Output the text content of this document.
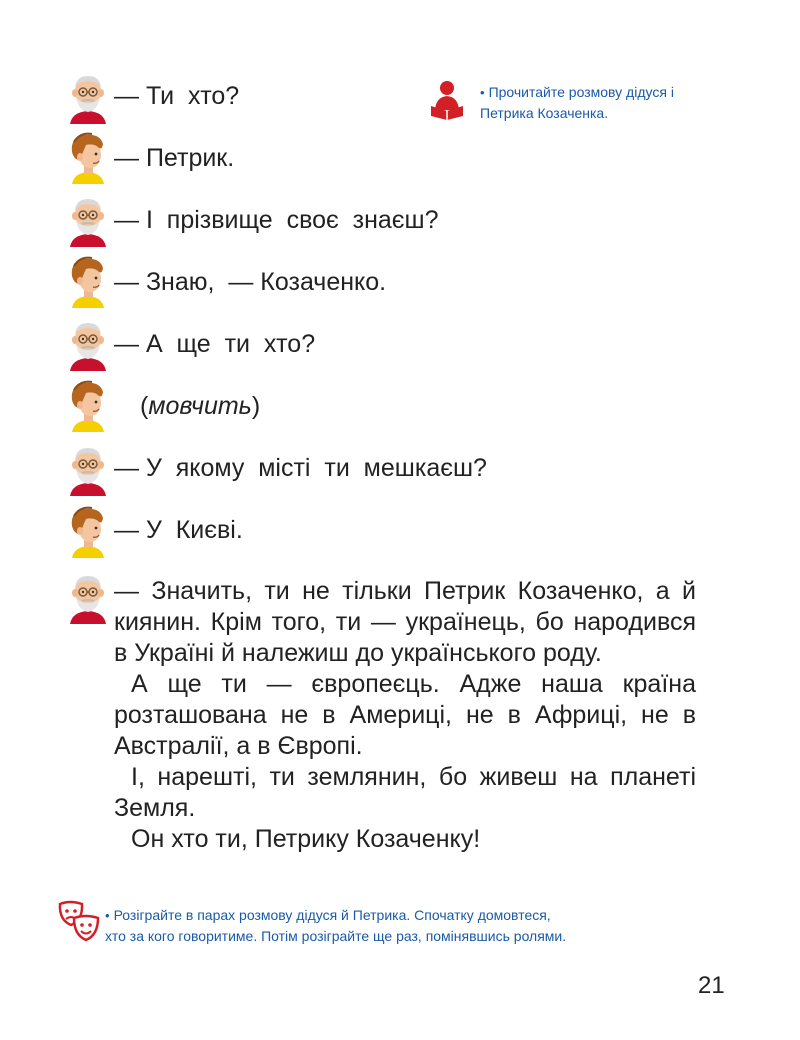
— Ти  хто?
— Петрик.
— І  прізвище  своє  знаєш?
— Знаю,  — Козаченко.
— А  ще  ти  хто?
(мовчить)
— У  якому  місті  ти  мешкаєш?
— У  Києві.

— Значить, ти не тільки Петрик Козаченко, а й киянин. Крім того, ти — українець, бо народився в Україні й належиш до українського роду.

А ще ти — європеєць. Адже наша країна розташована не в Америці, не в Африці, не в Австралії, а в Європі.

І, нарешті, ти землянин, бо живеш на планеті Земля.

Он хто ти, Петрику Козаченку!

• Прочитайте розмову дідуся і Петрика Козаченка.
• Розіграйте в парах розмову дідуся й Петрика. Спочатку домовтеся,
хто за кого говоритиме. Потім розіграйте ще раз, помінявшись ролями.
21
